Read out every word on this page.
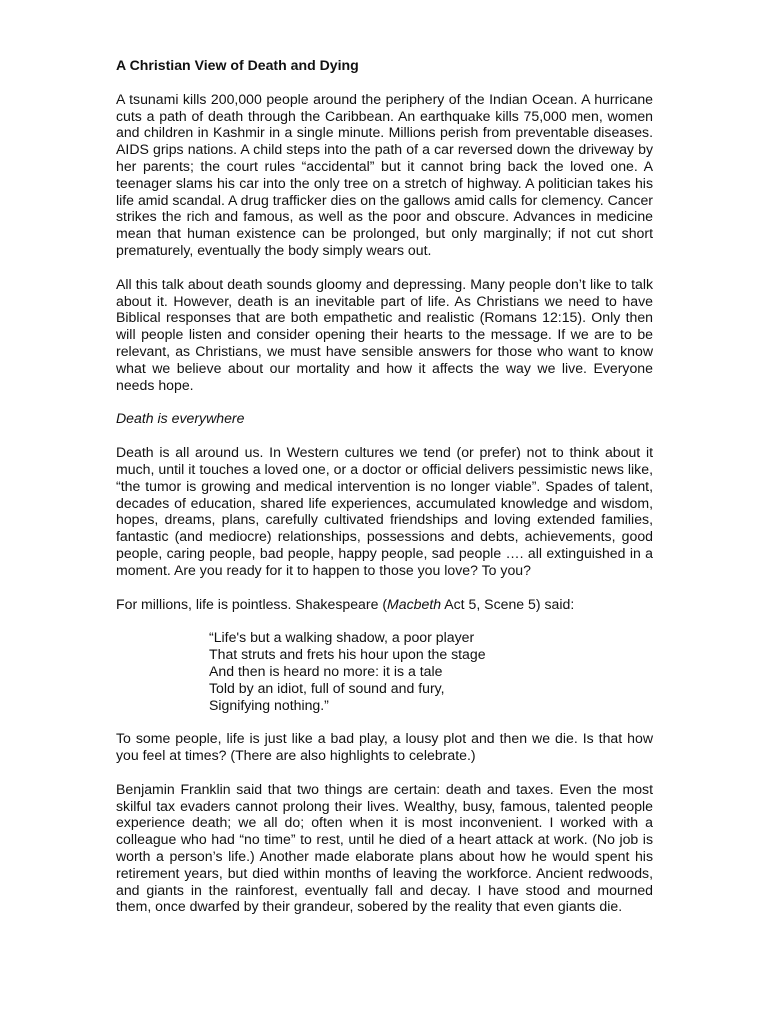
A Christian View of Death and Dying

A tsunami kills 200,000 people around the periphery of the Indian Ocean. A hurricane cuts a path of death through the Caribbean. An earthquake kills 75,000 men, women and children in Kashmir in a single minute. Millions perish from preventable diseases. AIDS grips nations. A child steps into the path of a car reversed down the driveway by her parents; the court rules “accidental” but it cannot bring back the loved one. A teenager slams his car into the only tree on a stretch of highway. A politician takes his life amid scandal. A drug trafficker dies on the gallows amid calls for clemency. Cancer strikes the rich and famous, as well as the poor and obscure. Advances in medicine mean that human existence can be prolonged, but only marginally; if not cut short prematurely, eventually the body simply wears out.

All this talk about death sounds gloomy and depressing. Many people don’t like to talk about it. However, death is an inevitable part of life. As Christians we need to have Biblical responses that are both empathetic and realistic (Romans 12:15). Only then will people listen and consider opening their hearts to the message. If we are to be relevant, as Christians, we must have sensible answers for those who want to know what we believe about our mortality and how it affects the way we live. Everyone needs hope.

Death is everywhere

Death is all around us. In Western cultures we tend (or prefer) not to think about it much, until it touches a loved one, or a doctor or official delivers pessimistic news like, “the tumor is growing and medical intervention is no longer viable”. Spades of talent, decades of education, shared life experiences, accumulated knowledge and wisdom, hopes, dreams, plans, carefully cultivated friendships and loving extended families, fantastic (and mediocre) relationships, possessions and debts, achievements, good people, caring people, bad people, happy people, sad people …. all extinguished in a moment. Are you ready for it to happen to those you love? To you?

For millions, life is pointless. Shakespeare (Macbeth Act 5, Scene 5) said:

“Life's but a walking shadow, a poor player
That struts and frets his hour upon the stage
And then is heard no more: it is a tale
Told by an idiot, full of sound and fury,
Signifying nothing.”

To some people, life is just like a bad play, a lousy plot and then we die. Is that how you feel at times? (There are also highlights to celebrate.)

Benjamin Franklin said that two things are certain: death and taxes. Even the most skilful tax evaders cannot prolong their lives. Wealthy, busy, famous, talented people experience death; we all do; often when it is most inconvenient. I worked with a colleague who had “no time” to rest, until he died of a heart attack at work. (No job is worth a person’s life.) Another made elaborate plans about how he would spent his retirement years, but died within months of leaving the workforce. Ancient redwoods, and giants in the rainforest, eventually fall and decay. I have stood and mourned them, once dwarfed by their grandeur, sobered by the reality that even giants die.
